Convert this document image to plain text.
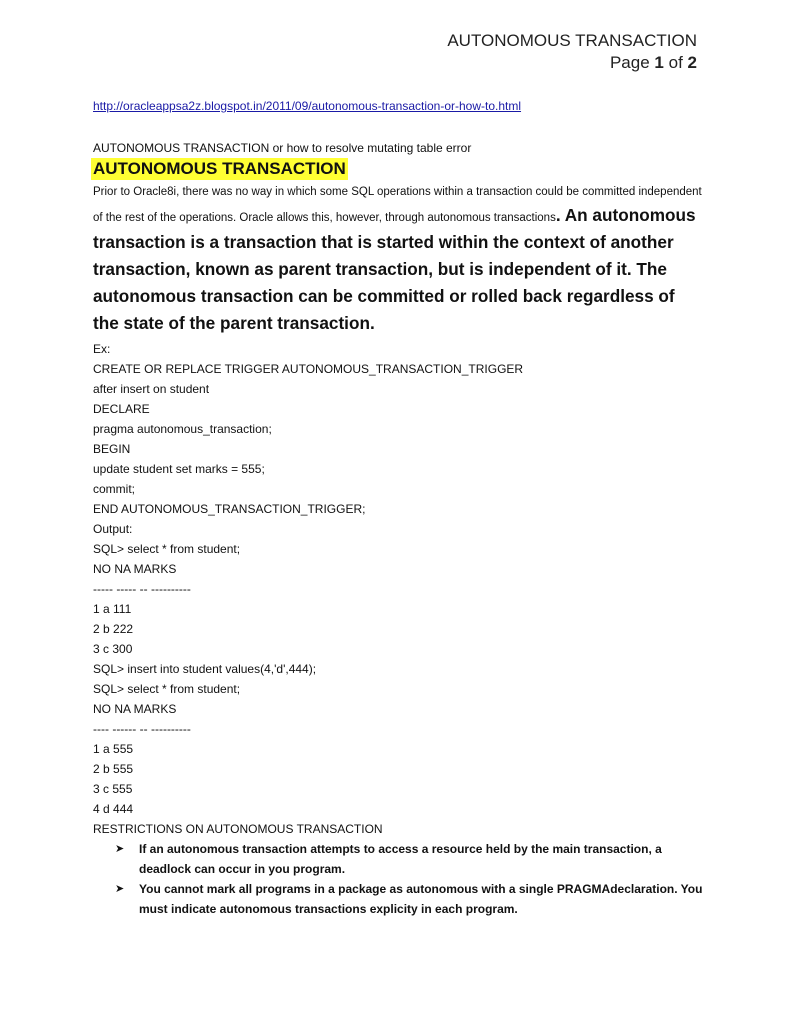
AUTONOMOUS TRANSACTION
Page 1 of 2
http://oracleappsa2z.blogspot.in/2011/09/autonomous-transaction-or-how-to.html
AUTONOMOUS TRANSACTION or how to resolve mutating table error
AUTONOMOUS TRANSACTION
Prior to Oracle8i, there was no way in which some SQL operations within a transaction could be committed independent of the rest of the operations. Oracle allows this, however, through autonomous transactions. An autonomous transaction is a transaction that is started within the context of another transaction, known as parent transaction, but is independent of it. The autonomous transaction can be committed or rolled back regardless of the state of the parent transaction.
Ex:
CREATE OR REPLACE TRIGGER AUTONOMOUS_TRANSACTION_TRIGGER
after insert on student
DECLARE
pragma autonomous_transaction;
BEGIN
update student set marks = 555;
commit;
END AUTONOMOUS_TRANSACTION_TRIGGER;
Output:
SQL> select * from student;
NO NA MARKS
----- ----- -- ----------
1 a 111
2 b 222
3 c 300
SQL> insert into student values(4,'d',444);
SQL> select * from student;
NO NA MARKS
---- ------ -- ----------
1 a 555
2 b 555
3 c 555
4 d 444
RESTRICTIONS ON AUTONOMOUS TRANSACTION
➤ If an autonomous transaction attempts to access a resource held by the main transaction, a deadlock can occur in you program.
➤ You cannot mark all programs in a package as autonomous with a single PRAGMAdeclaration. You must indicate autonomous transactions explicity in each program.
